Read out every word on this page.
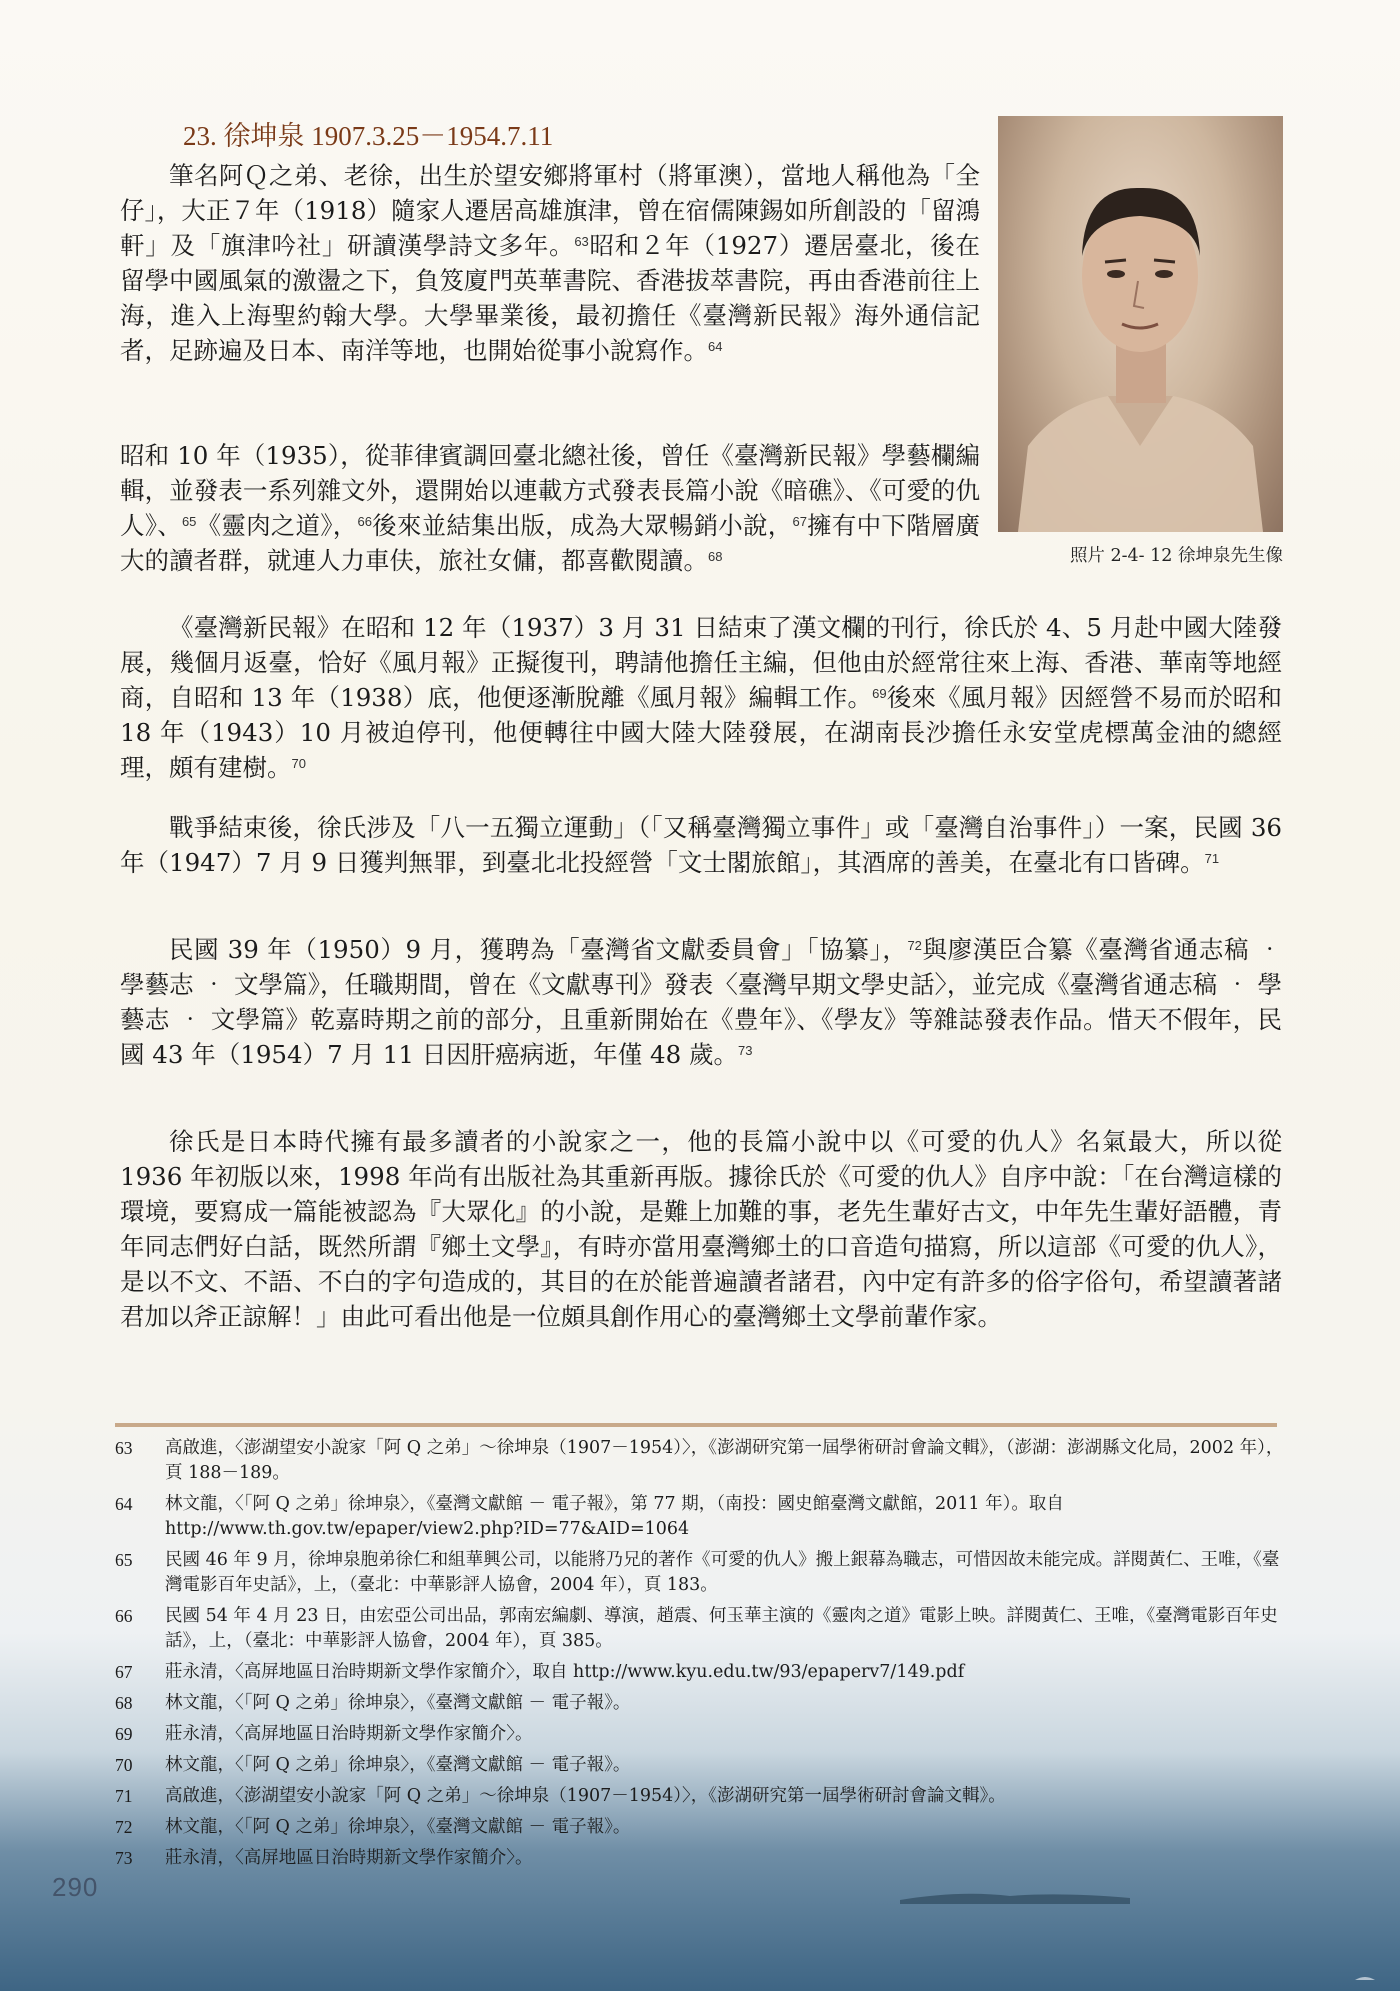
23. 徐坤泉 1907.3.25－1954.7.11
照片 2-4- 12 徐坤泉先生像

筆名阿Ｑ之弟、老徐，出生於望安鄉將軍村（將軍澳），當地人稱他為「全仔」，大正７年（1918）隨家人遷居高雄旗津，曾在宿儒陳錫如所創設的「留鴻軒」及「旗津吟社」研讀漢學詩文多年。$^{63}$昭和２年（1927）遷居臺北，後在留學中國風氣的激盪之下，負笈廈門英華書院、香港拔萃書院，再由香港前往上海，進入上海聖約翰大學。大學畢業後，最初擔任《臺灣新民報》海外通信記者，足跡遍及日本、南洋等地，也開始從事小說寫作。$^{64}$

昭和 10 年（1935），從菲律賓調回臺北總社後，曾任《臺灣新民報》學藝欄編輯，並發表一系列雜文外，還開始以連載方式發表長篇小說《暗礁》、《可愛的仇人》、$^{65}$《靈肉之道》，$^{66}$後來並結集出版，成為大眾暢銷小說，$^{67}$擁有中下階層廣大的讀者群，就連人力車伕，旅社女傭，都喜歡閱讀。$^{68}$

《臺灣新民報》在昭和 12 年（1937）3 月 31 日結束了漢文欄的刊行，徐氏於 4、5 月赴中國大陸發展，幾個月返臺，恰好《風月報》正擬復刊，聘請他擔任主編，但他由於經常往來上海、香港、華南等地經商，自昭和 13 年（1938）底，他便逐漸脫離《風月報》編輯工作。$^{69}$後來《風月報》因經營不易而於昭和 18 年（1943）10 月被迫停刊，他便轉往中國大陸大陸發展，在湖南長沙擔任永安堂虎標萬金油的總經理，頗有建樹。$^{70}$

戰爭結束後，徐氏涉及「八一五獨立運動」（「又稱臺灣獨立事件」或「臺灣自治事件」）一案，民國 36 年（1947）7 月 9 日獲判無罪，到臺北北投經營「文士閣旅館」，其酒席的善美，在臺北有口皆碑。$^{71}$

民國 39 年（1950）9 月，獲聘為「臺灣省文獻委員會」「協纂」，$^{72}$與廖漢臣合纂《臺灣省通志稿 ‧ 學藝志 ‧ 文學篇》，任職期間，曾在《文獻專刊》發表〈臺灣早期文學史話〉，並完成《臺灣省通志稿 ‧ 學藝志 ‧ 文學篇》乾嘉時期之前的部分，且重新開始在《豊年》、《學友》等雜誌發表作品。惜天不假年，民國 43 年（1954）7 月 11 日因肝癌病逝，年僅 48 歲。$^{73}$

徐氏是日本時代擁有最多讀者的小說家之一，他的長篇小說中以《可愛的仇人》名氣最大，所以從 1936 年初版以來，1998 年尚有出版社為其重新再版。據徐氏於《可愛的仇人》自序中說：「在台灣這樣的環境，要寫成一篇能被認為『大眾化』的小說，是難上加難的事，老先生輩好古文，中年先生輩好語體，青年同志們好白話，既然所謂『鄉土文學』，有時亦當用臺灣鄉土的口音造句描寫，所以這部《可愛的仇人》，是以不文、不語、不白的字句造成的，其目的在於能普遍讀者諸君，內中定有許多的俗字俗句，希望讀著諸君加以斧正諒解！」由此可看出他是一位頗具創作用心的臺灣鄉土文學前輩作家。

63	高啟進，〈澎湖望安小說家「阿 Q 之弟」～徐坤泉（1907－1954）〉，《澎湖研究第一屆學術研討會論文輯》，（澎湖：澎湖縣文化局，2002 年），頁 188－189。
64	林文龍，〈「阿 Q 之弟」徐坤泉〉，《臺灣文獻館 － 電子報》，第 77 期，（南投：國史館臺灣文獻館，2011 年）。取自 http://www.th.gov.tw/epaper/view2.php?ID=77&AID=1064
65	民國 46 年 9 月，徐坤泉胞弟徐仁和組華興公司，以能將乃兄的著作《可愛的仇人》搬上銀幕為職志，可惜因故未能完成。詳閱黃仁、王唯，《臺灣電影百年史話》，上，（臺北：中華影評人協會，2004 年），頁 183。
66	民國 54 年 4 月 23 日，由宏亞公司出品，郭南宏編劇、導演，趙震、何玉華主演的《靈肉之道》電影上映。詳閱黃仁、王唯，《臺灣電影百年史話》，上，（臺北：中華影評人協會，2004 年），頁 385。
67	莊永清，〈高屏地區日治時期新文學作家簡介〉，取自 http://www.kyu.edu.tw/93/epaperv7/149.pdf
68	林文龍，〈「阿 Q 之弟」徐坤泉〉，《臺灣文獻館 － 電子報》。
69	莊永清，〈高屏地區日治時期新文學作家簡介〉。
70	林文龍，〈「阿 Q 之弟」徐坤泉〉，《臺灣文獻館 － 電子報》。
71	高啟進，〈澎湖望安小說家「阿 Q 之弟」～徐坤泉（1907－1954）〉，《澎湖研究第一屆學術研討會論文輯》。
72	林文龍，〈「阿 Q 之弟」徐坤泉〉，《臺灣文獻館 － 電子報》。
73	莊永清，〈高屏地區日治時期新文學作家簡介〉。
290
